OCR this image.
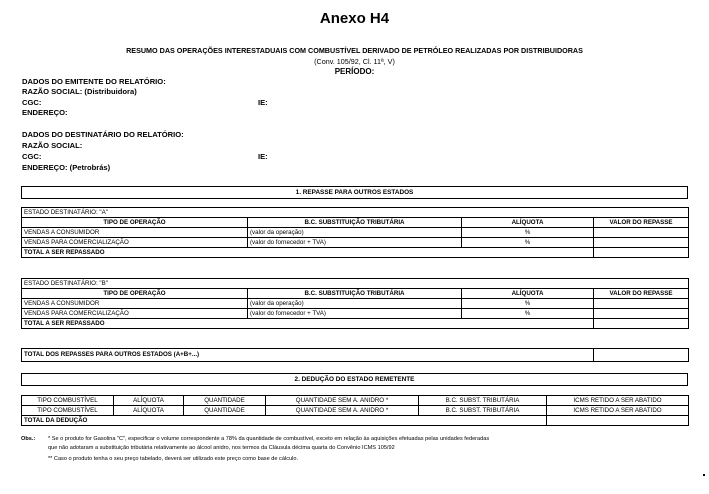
Anexo H4
RESUMO DAS OPERAÇÕES INTERESTADUAIS COM COMBUSTÍVEL DERIVADO DE PETRÓLEO REALIZADAS POR DISTRIBUIDORAS
(Conv. 105/92, Cl. 11ª, V)
PERÍODO:
DADOS DO EMITENTE DO RELATÓRIO:
RAZÃO SOCIAL: (Distribuidora)
CGC:	IE:
ENDEREÇO:
DADOS DO DESTINATÁRIO DO RELATÓRIO:
RAZÃO SOCIAL:
CGC:	IE:
ENDEREÇO: (Petrobrás)
1. REPASSE PARA OUTROS ESTADOS
ESTADO DESTINATÁRIO: "A"			
TIPO DE OPERAÇÃO	B.C. SUBSTITUIÇÃO TRIBUTÁRIA	ALÍQUOTA	VALOR DO REPASSE
VENDAS A CONSUMIDOR	(valor da operação)	%	
VENDAS PARA COMERCIALIZAÇÃO	(valor do fornecedor + TVA)	%	
TOTAL A SER REPASSADO			
ESTADO DESTINATÁRIO: "B"			
TIPO DE OPERAÇÃO	B.C. SUBSTITUIÇÃO TRIBUTÁRIA	ALÍQUOTA	VALOR DO REPASSE
VENDAS A CONSUMIDOR	(valor da operação)	%	
VENDAS PARA COMERCIALIZAÇÃO	(valor do fornecedor + TVA)	%	
TOTAL A SER REPASSADO			
TOTAL DOS REPASSES PARA OUTROS ESTADOS (A+B+...)	
2. DEDUÇÃO DO ESTADO REMETENTE
TIPO COMBUSTÍVEL	ALÍQUOTA	QUANTIDADE	QUANTIDADE SEM A. ANIDRO *	B.C. SUBST. TRIBUTÁRIA	ICMS RETIDO A SER ABATIDO
TIPO COMBUSTÍVEL	ALÍQUOTA	QUANTIDADE	QUANTIDADE SEM A. ANIDRO *	B.C. SUBST. TRIBUTÁRIA	ICMS RETIDO A SER ABATIDO
TOTAL DA DEDUÇÃO					
Obs.: * Se o produto for Gasolina "C", especificar o volume correspondente a 78% da quantidade de combustível, exceto em relação às aquisições efetuadas pelas unidades federadas
que não adotaram a substituição tributária relativamente ao álcool anidro, nos termos da Cláusula décima quarta do Convênio ICMS 105/92
** Caso o produto tenha o seu preço tabelado, deverá ser utilizado este preço como base de cálculo.
